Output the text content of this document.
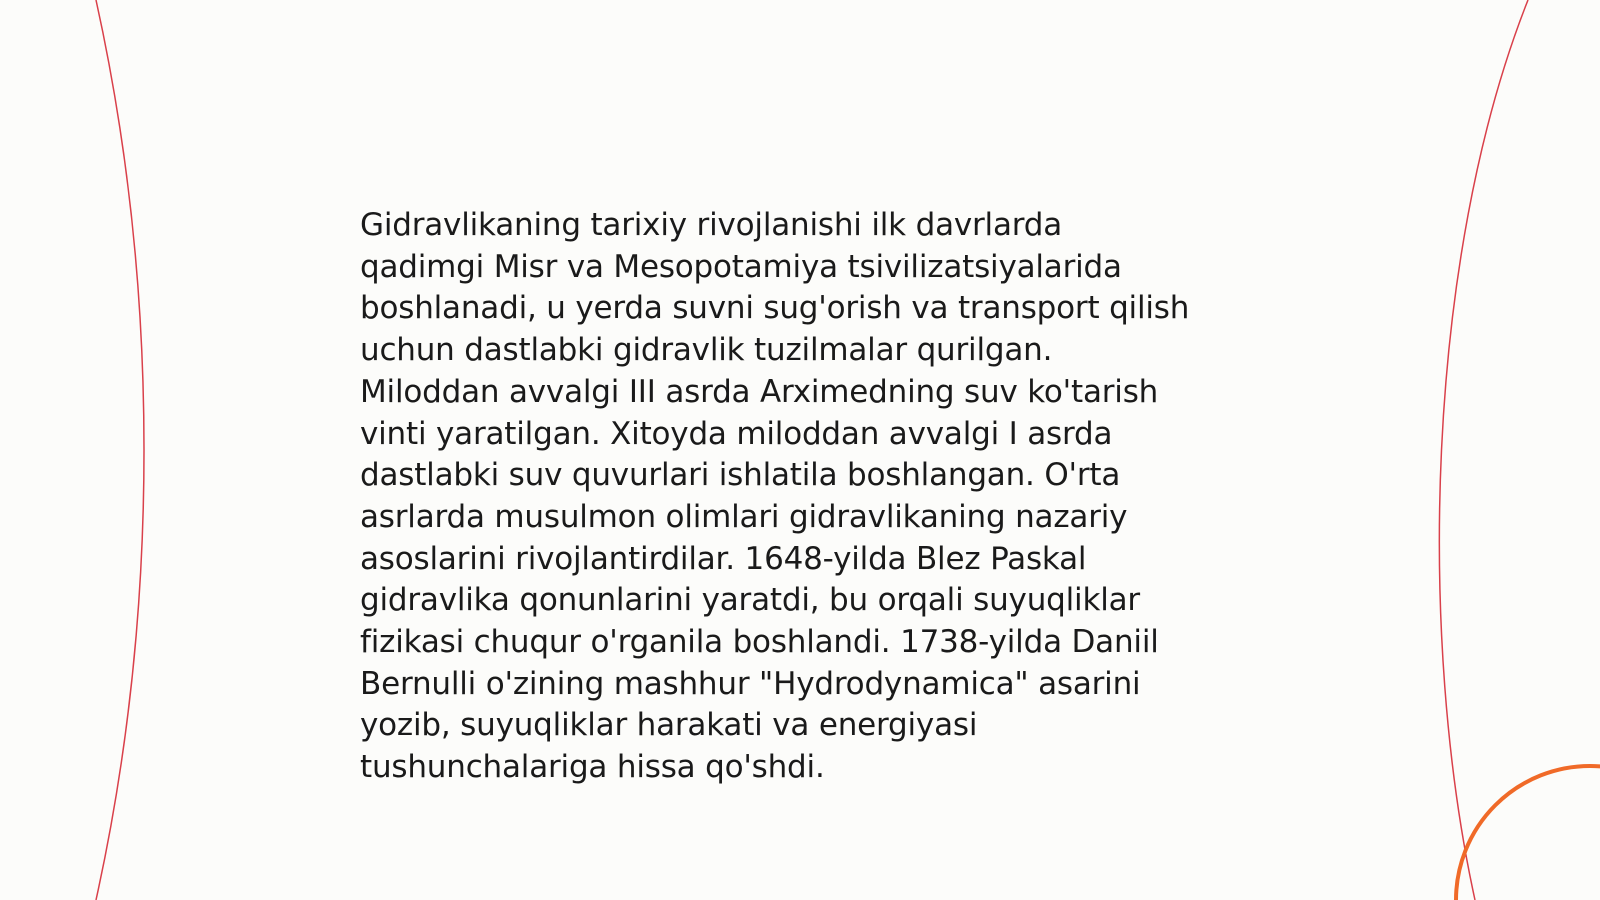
Gidravlikaning tarixiy rivojlanishi ilk davrlarda
qadimgi Misr va Mesopotamiya tsivilizatsiyalarida
boshlanadi, u yerda suvni sug'orish va transport qilish
uchun dastlabki gidravlik tuzilmalar qurilgan.
Miloddan avvalgi III asrda Arximedning suv ko'tarish
vinti yaratilgan. Xitoyda miloddan avvalgi I asrda
dastlabki suv quvurlari ishlatila boshlangan. O'rta
asrlarda musulmon olimlari gidravlikaning nazariy
asoslarini rivojlantirdilar. 1648-yilda Blez Paskal
gidravlika qonunlarini yaratdi, bu orqali suyuqliklar
fizikasi chuqur o'rganila boshlandi. 1738-yilda Daniil
Bernulli o'zining mashhur "Hydrodynamica" asarini
yozib, suyuqliklar harakati va energiyasi
tushunchalariga hissa qo'shdi.
